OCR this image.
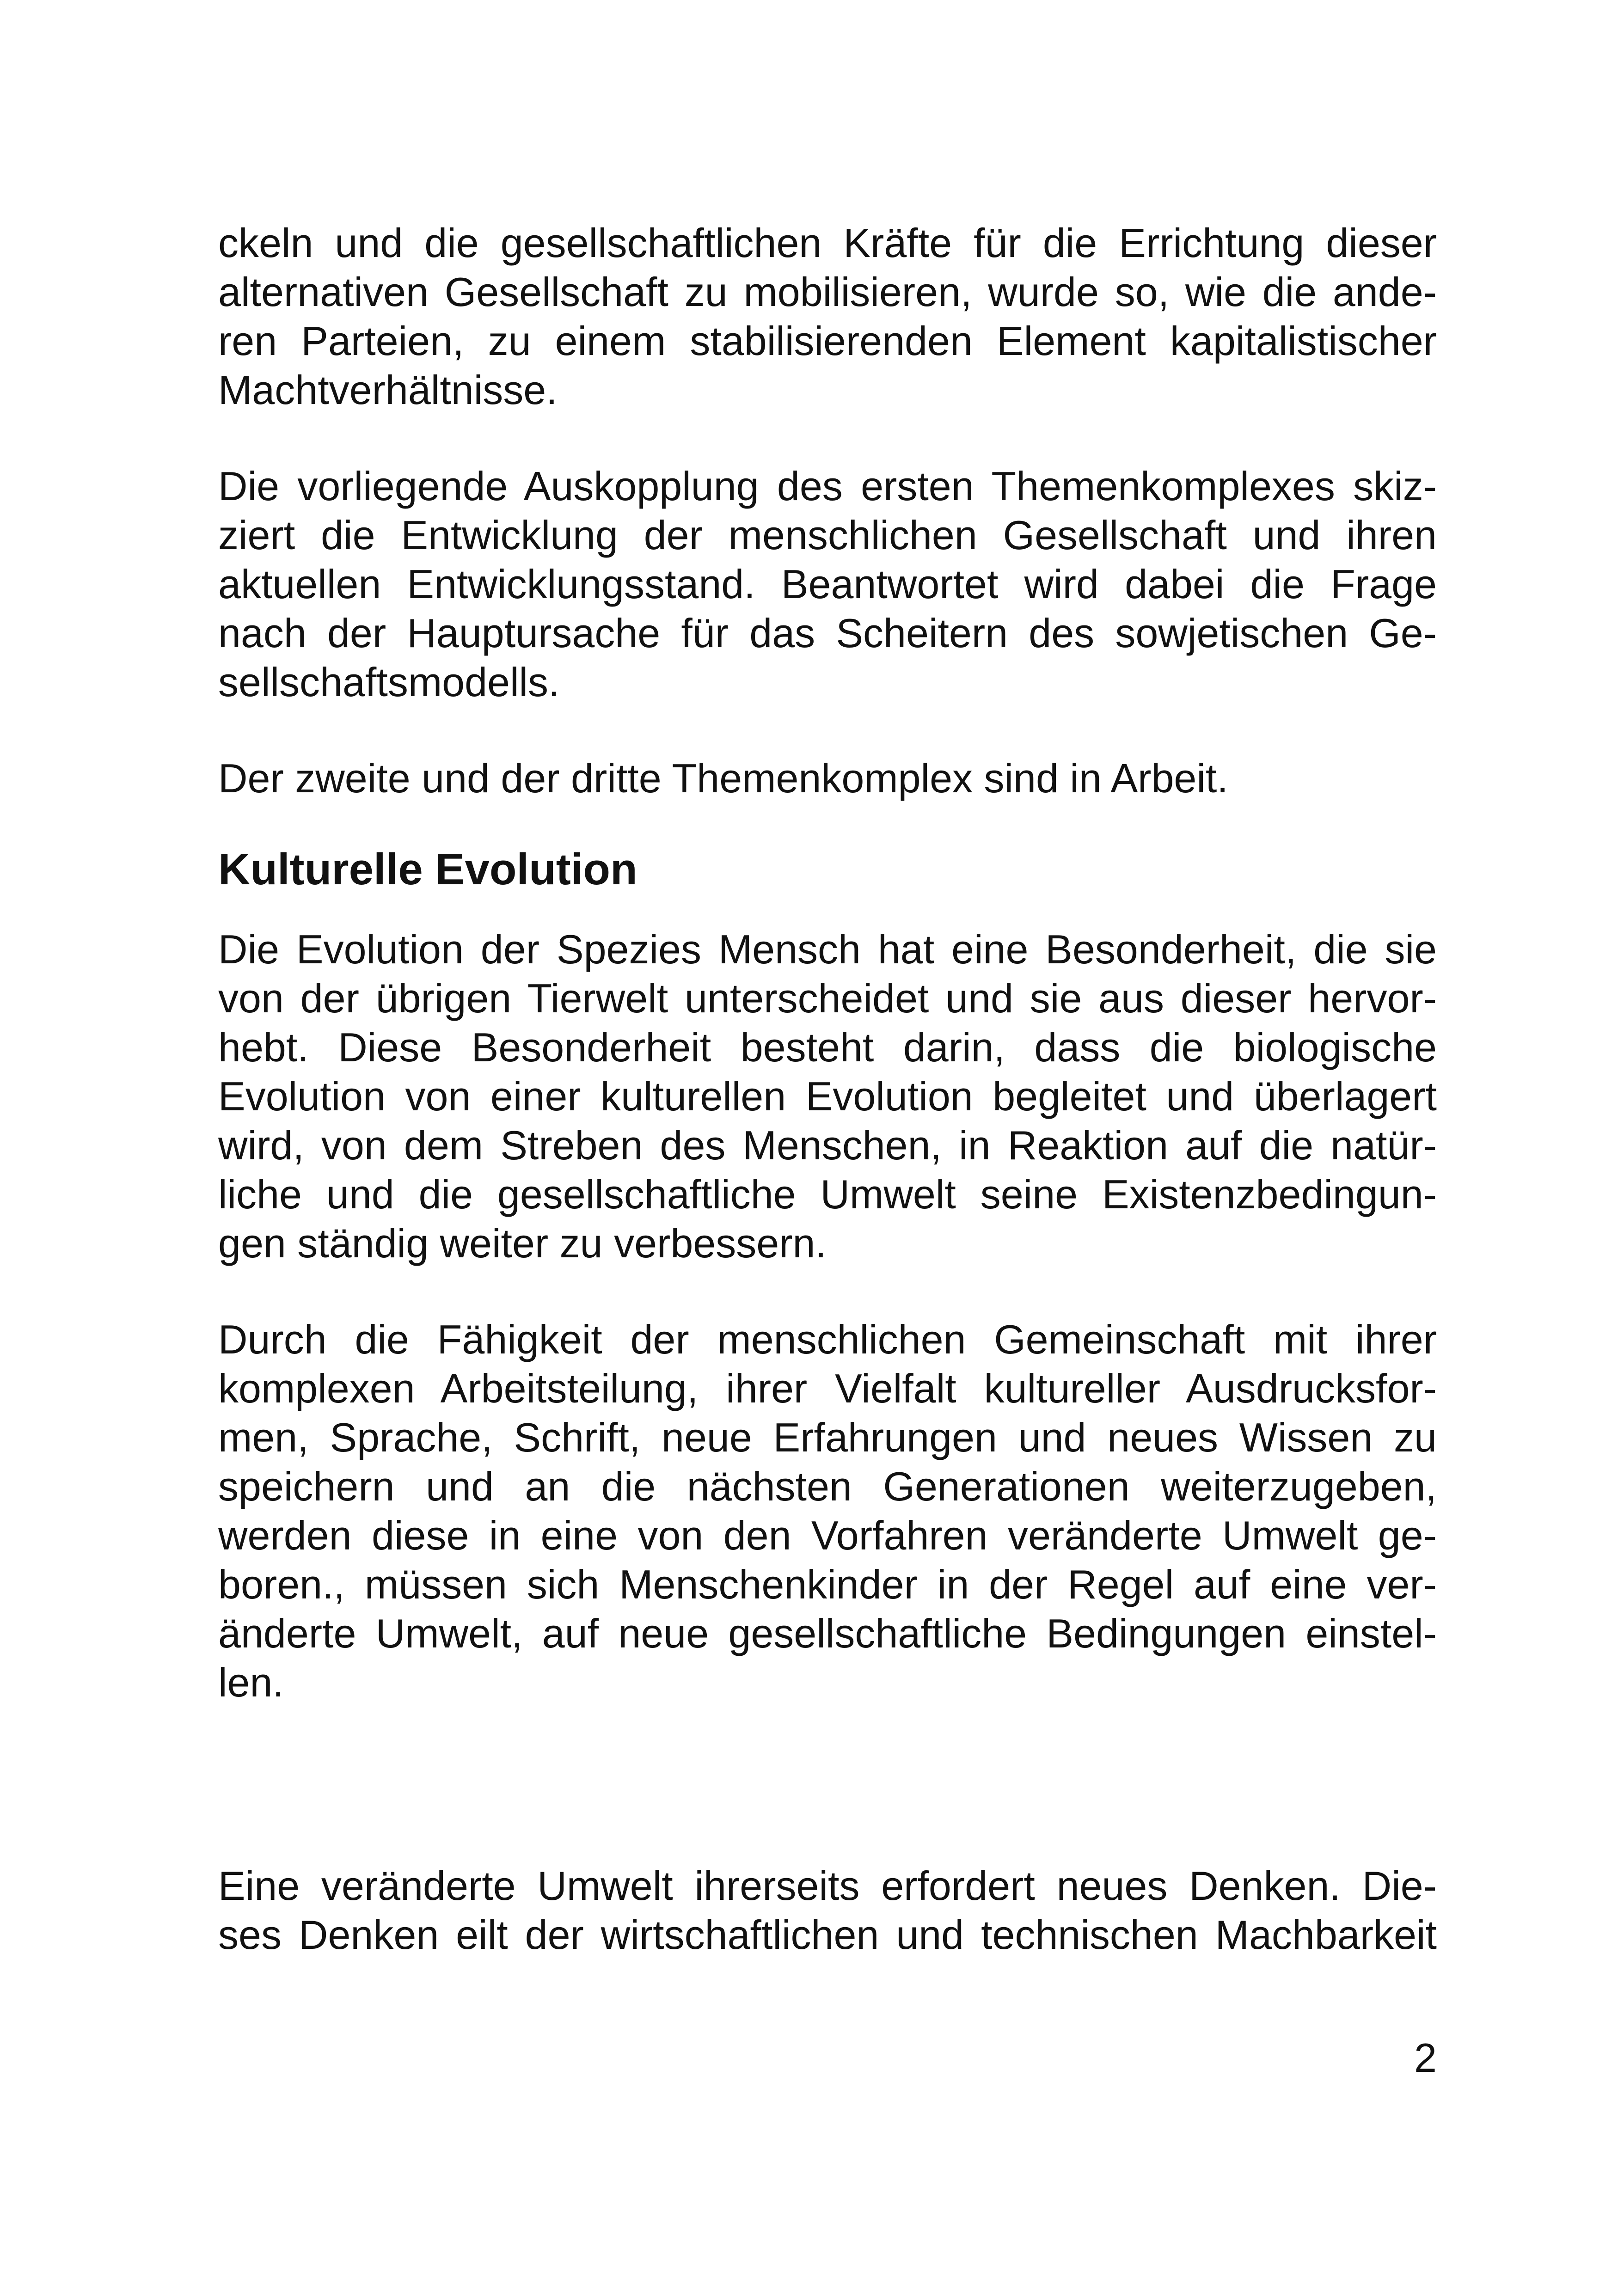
ckeln und die gesellschaftlichen Kräfte für die Errichtung dieser
alternativen Gesellschaft zu mobilisieren, wurde so, wie die ande-
ren Parteien, zu einem stabilisierenden Element kapitalistischer
Machtverhältnisse.
Die vorliegende Auskopplung des ersten Themenkomplexes skiz-
ziert die Entwicklung der menschlichen Gesellschaft und ihren
aktuellen Entwicklungsstand. Beantwortet wird dabei die Frage
nach der Hauptursache für das Scheitern des sowjetischen Ge-
sellschaftsmodells.
Der zweite und der dritte Themenkomplex sind in Arbeit.
Kulturelle Evolution
Die Evolution der Spezies Mensch hat eine Besonderheit, die sie
von der übrigen Tierwelt unterscheidet und sie aus dieser hervor-
hebt. Diese Besonderheit besteht darin, dass die biologische
Evolution von einer kulturellen Evolution begleitet und überlagert
wird, von dem Streben des Menschen, in Reaktion auf die natür-
liche und die gesellschaftliche Umwelt seine Existenzbedingun-
gen ständig weiter zu verbessern.
Durch die Fähigkeit der menschlichen Gemeinschaft mit ihrer
komplexen Arbeitsteilung, ihrer Vielfalt kultureller Ausdrucksfor-
men, Sprache, Schrift, neue Erfahrungen und neues Wissen zu
speichern und an die nächsten Generationen weiterzugeben,
werden diese in eine von den Vorfahren veränderte Umwelt ge-
boren., müssen sich Menschenkinder in der Regel auf eine ver-
änderte Umwelt, auf neue gesellschaftliche Bedingungen einstel-
len.
Eine veränderte Umwelt ihrerseits erfordert neues Denken. Die-
ses Denken eilt der wirtschaftlichen und technischen Machbarkeit
2
